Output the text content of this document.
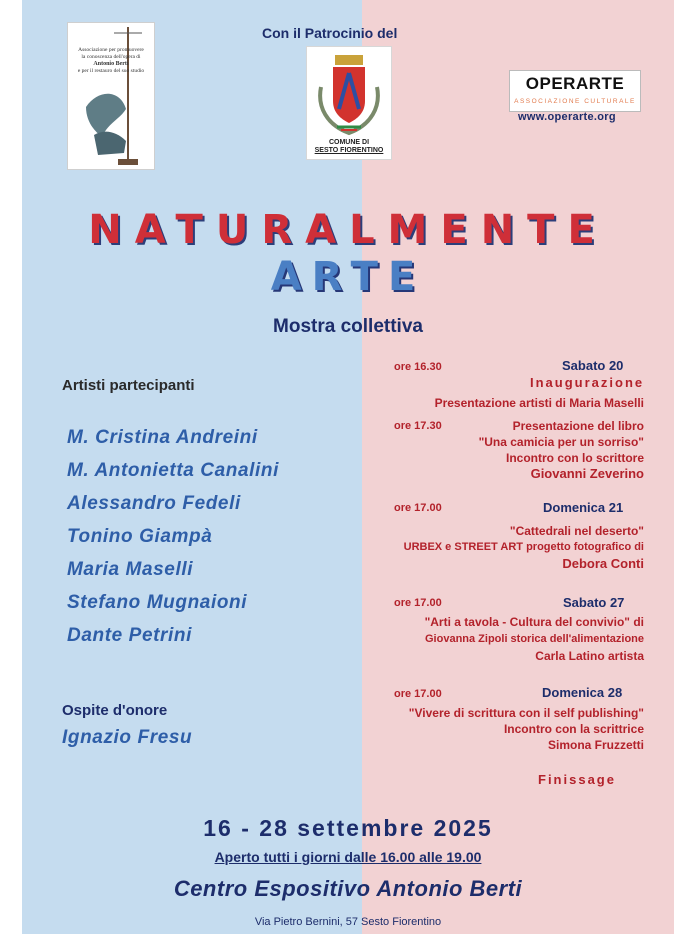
Associazione per promuovere
la conoscenza dell'opera di
Antonio Berti
e per il restauro del suo studio
Con il Patrocinio del
COMUNE DI
SESTO FIORENTINO
OPERARTE
ASSOCIAZIONE CULTURALE
www.operarte.org
NATURALMENTE
ARTE
Mostra collettiva
Artisti partecipanti
M. Cristina Andreini
M. Antonietta Canalini
Alessandro Fedeli
Tonino Giampà
Maria Maselli
Stefano Mugnaioni
Dante Petrini
Ospite d'onore
Ignazio Fresu
ore 16.30	Sabato 20
Inaugurazione
Presentazione artisti di Maria Maselli
ore 17.30	Presentazione del libro
"Una camicia per un sorriso"
Incontro con lo scrittore
Giovanni Zeverino
ore 17.00	Domenica 21
"Cattedrali nel deserto"
URBEX e STREET ART progetto fotografico di
Debora Conti
ore 17.00	Sabato 27
"Arti a tavola - Cultura del convivio" di
Giovanna Zipoli storica dell'alimentazione
Carla Latino artista
ore 17.00	Domenica 28
"Vivere di scrittura con il self publishing"
Incontro con la scrittrice
Simona Fruzzetti
Finissage
16 - 28 settembre 2025
Aperto tutti i giorni dalle 16.00 alle 19.00
Centro Espositivo Antonio Berti
Via Pietro Bernini, 57 Sesto Fiorentino
